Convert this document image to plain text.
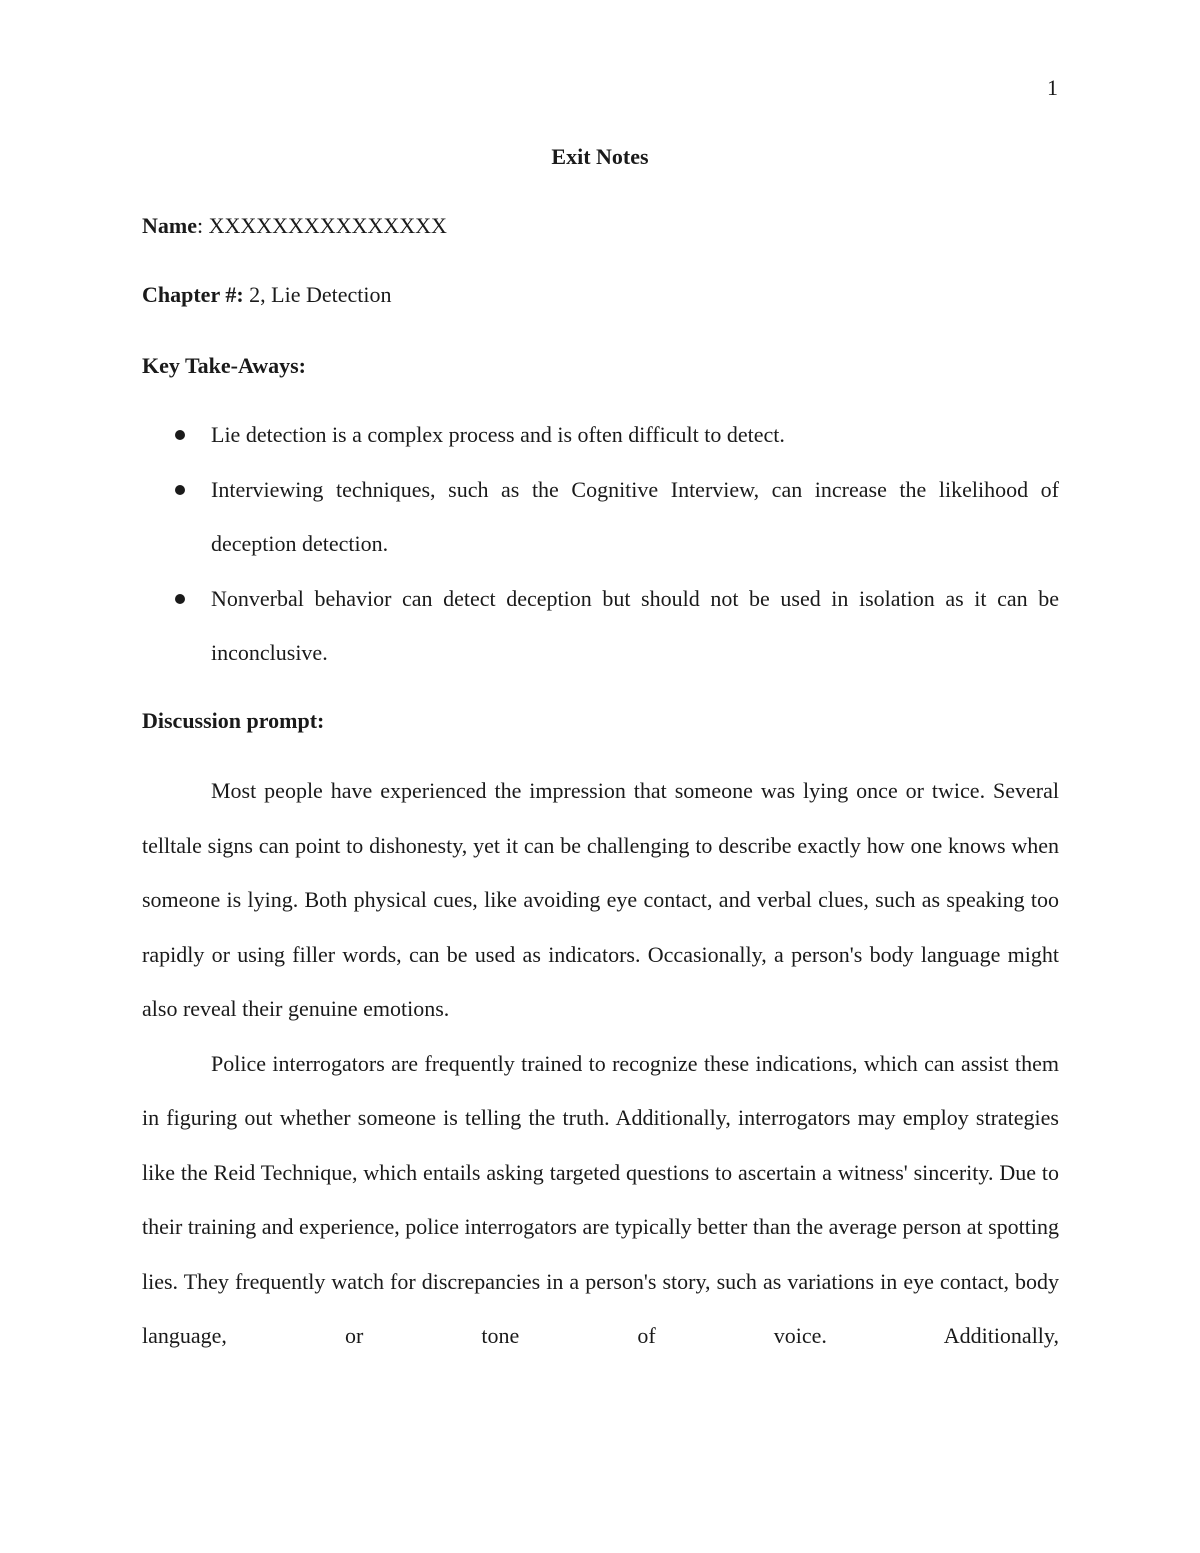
1
Exit Notes
Name: XXXXXXXXXXXXXXX
Chapter #: 2, Lie Detection
Key Take-Aways:
Lie detection is a complex process and is often difficult to detect.
Interviewing techniques, such as the Cognitive Interview, can increase the likelihood of deception detection.
Nonverbal behavior can detect deception but should not be used in isolation as it can be inconclusive.
Discussion prompt:

Most people have experienced the impression that someone was lying once or twice. Several telltale signs can point to dishonesty, yet it can be challenging to describe exactly how one knows when someone is lying. Both physical cues, like avoiding eye contact, and verbal clues, such as speaking too rapidly or using filler words, can be used as indicators. Occasionally, a person's body language might also reveal their genuine emotions.

Police interrogators are frequently trained to recognize these indications, which can assist them in figuring out whether someone is telling the truth. Additionally, interrogators may employ strategies like the Reid Technique, which entails asking targeted questions to ascertain a witness' sincerity. Due to their training and experience, police interrogators are typically better than the average person at spotting lies. They frequently watch for discrepancies in a person's story, such as variations in eye contact, body language, or tone of voice. Additionally,
